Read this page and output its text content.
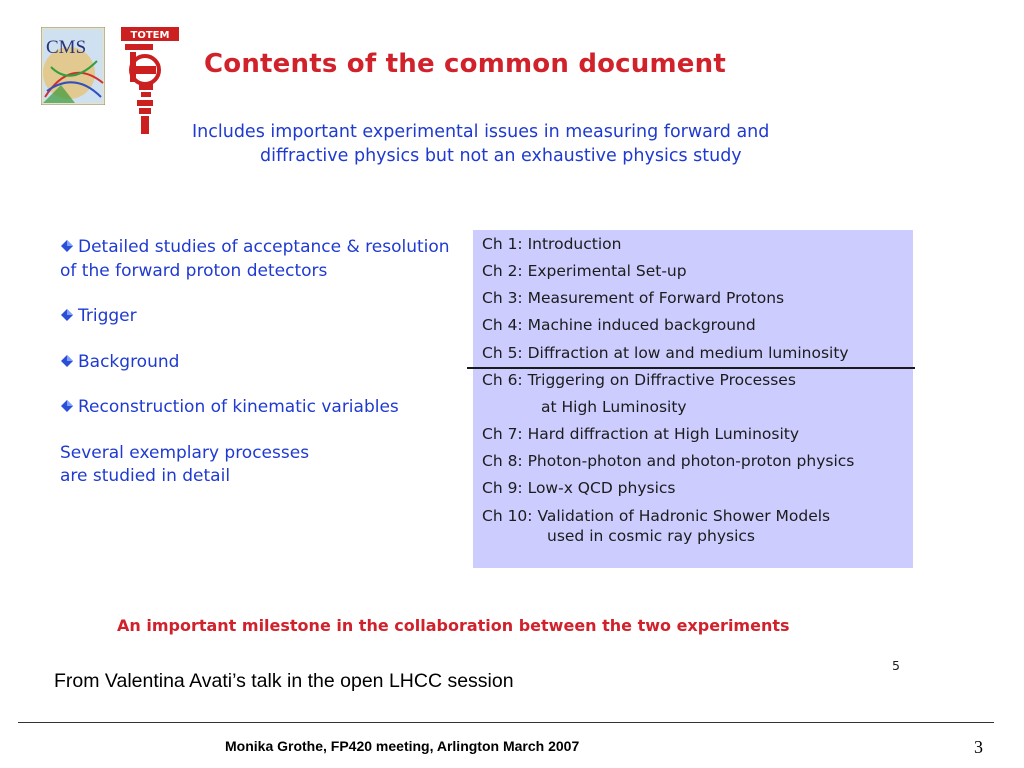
CMS
TOTEM
Contents of the common document
Includes important experimental issues in measuring forward and
diffractive physics but not an exhaustive physics study
Detailed studies of acceptance & resolution of the forward proton detectors
Trigger
Background
Reconstruction of kinematic variables
Several exemplary processes
are studied in detail
Ch 1: Introduction
Ch 2: Experimental Set-up
Ch 3: Measurement of Forward Protons
Ch 4: Machine induced background
Ch 5: Diffraction at low and medium luminosity
Ch 6: Triggering on Diffractive Processes
at High Luminosity
Ch 7: Hard diffraction at High Luminosity
Ch 8: Photon-photon and photon-proton physics
Ch 9: Low-x QCD physics
Ch 10: Validation of Hadronic Shower Models
used in cosmic ray physics
An important milestone in the collaboration between the two experiments
5
From Valentina Avati’s talk in the open LHCC session
Monika Grothe, FP420 meeting, Arlington March 2007	3
